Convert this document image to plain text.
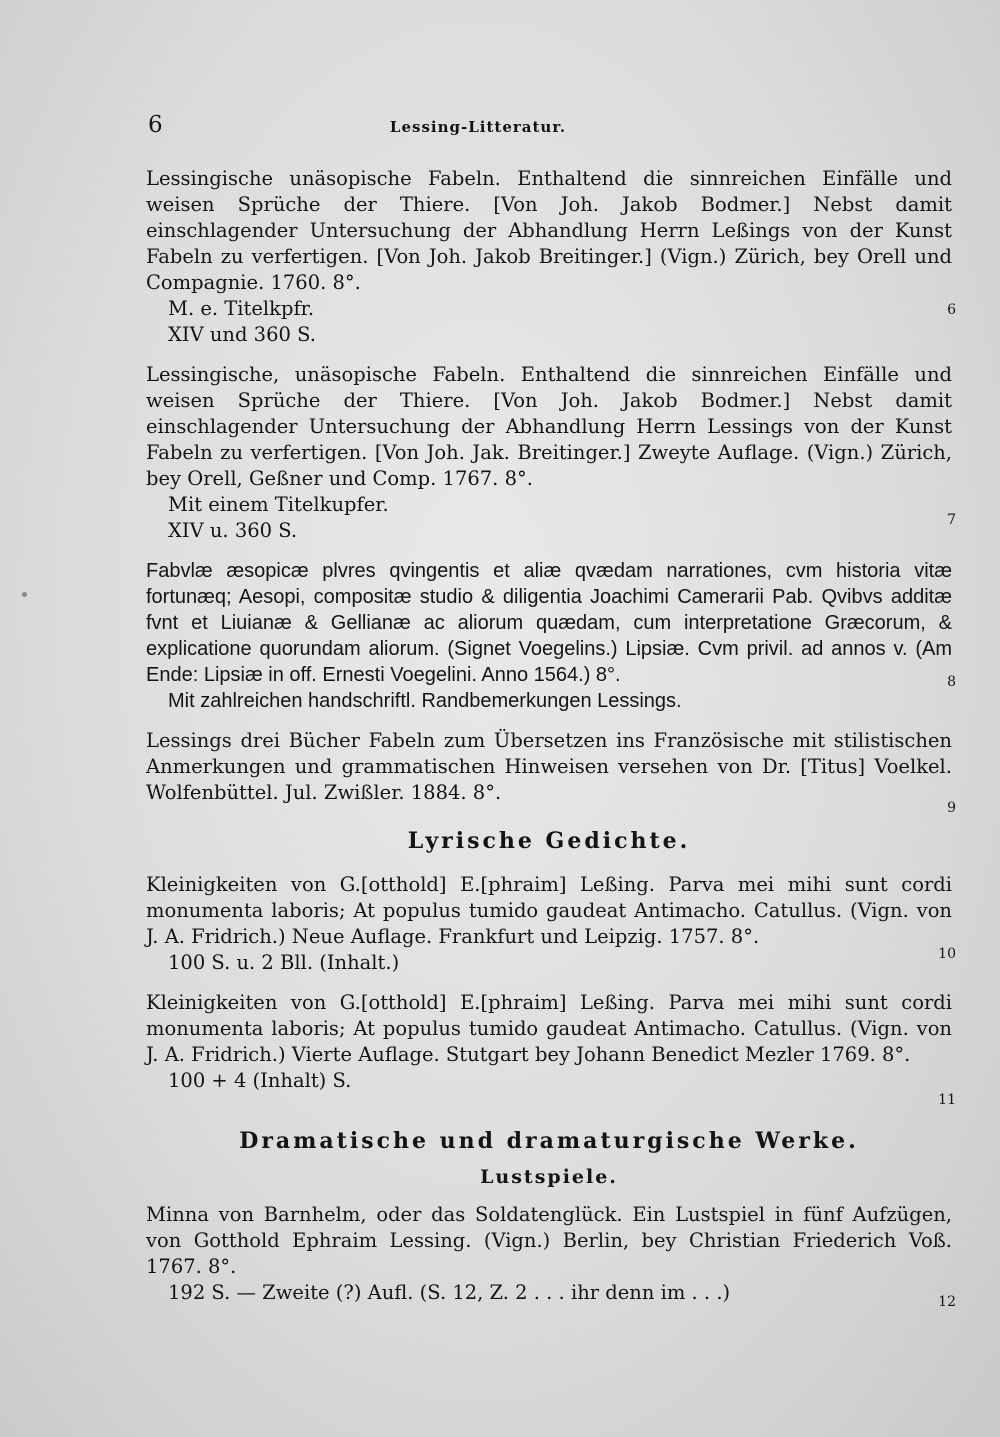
6	Lessing-Litteratur.
Lessingische unäsopische Fabeln. Enthaltend die sinnreichen Einfälle und weisen Sprüche der Thiere. [Von Joh. Jakob Bodmer.] Nebst damit einschlagender Untersuchung der Abhandlung Herrn Leßings von der Kunst Fabeln zu verfertigen. [Von Joh. Jakob Breitinger.] (Vign.) Zürich, bey Orell und Compagnie. 1760. 8°.
M. e. Titelkpfr.
XIV und 360 S.
6
Lessingische, unäsopische Fabeln. Enthaltend die sinnreichen Einfälle und weisen Sprüche der Thiere. [Von Joh. Jakob Bodmer.] Nebst damit einschlagender Untersuchung der Abhandlung Herrn Lessings von der Kunst Fabeln zu verfertigen. [Von Joh. Jak. Breitinger.] Zweyte Auflage. (Vign.) Zürich, bey Orell, Geßner und Comp. 1767. 8°.
Mit einem Titelkupfer.
XIV u. 360 S.	7
Fabvlæ æsopicæ plvres qvingentis et aliæ qvædam narrationes, cvm historia vitæ fortunæq; Aesopi, compositæ studio & diligentia Joachimi Camerarii Pab. Qvibvs additæ fvnt et Liuianæ & Gellianæ ac aliorum quædam, cum interpretatione Græcorum, & explicatione quorundam aliorum. (Signet Voegelins.) Lipsiæ. Cvm privil. ad annos v. (Am Ende: Lipsiæ in off. Ernesti Voegelini. Anno 1564.) 8°.
Mit zahlreichen handschriftl. Randbemerkungen Lessings.
8
Lessings drei Bücher Fabeln zum Übersetzen ins Französische mit stilistischen Anmerkungen und grammatischen Hinweisen versehen von Dr. [Titus] Voelkel. Wolfenbüttel. Jul. Zwißler. 1884. 8°.
9
Lyrische Gedichte.
Kleinigkeiten von G.[otthold] E.[phraim] Leßing. Parva mei mihi sunt cordi monumenta laboris; At populus tumido gaudeat Antimacho. Catullus. (Vign. von J. A. Fridrich.) Neue Auflage. Frankfurt und Leipzig. 1757. 8°.
100 S. u. 2 Bll. (Inhalt.)	10
Kleinigkeiten von G.[otthold] E.[phraim] Leßing. Parva mei mihi sunt cordi monumenta laboris; At populus tumido gaudeat Antimacho. Catullus. (Vign. von J. A. Fridrich.) Vierte Auflage. Stutgart bey Johann Benedict Mezler 1769. 8°.
100 + 4 (Inhalt) S.
11
Dramatische und dramaturgische Werke.
Lustspiele.
Minna von Barnhelm, oder das Soldatenglück. Ein Lustspiel in fünf Aufzügen, von Gotthold Ephraim Lessing. (Vign.) Berlin, bey Christian Friederich Voß. 1767. 8°.
192 S. — Zweite (?) Aufl. (S. 12, Z. 2 . . . ihr denn im . . .)	12
